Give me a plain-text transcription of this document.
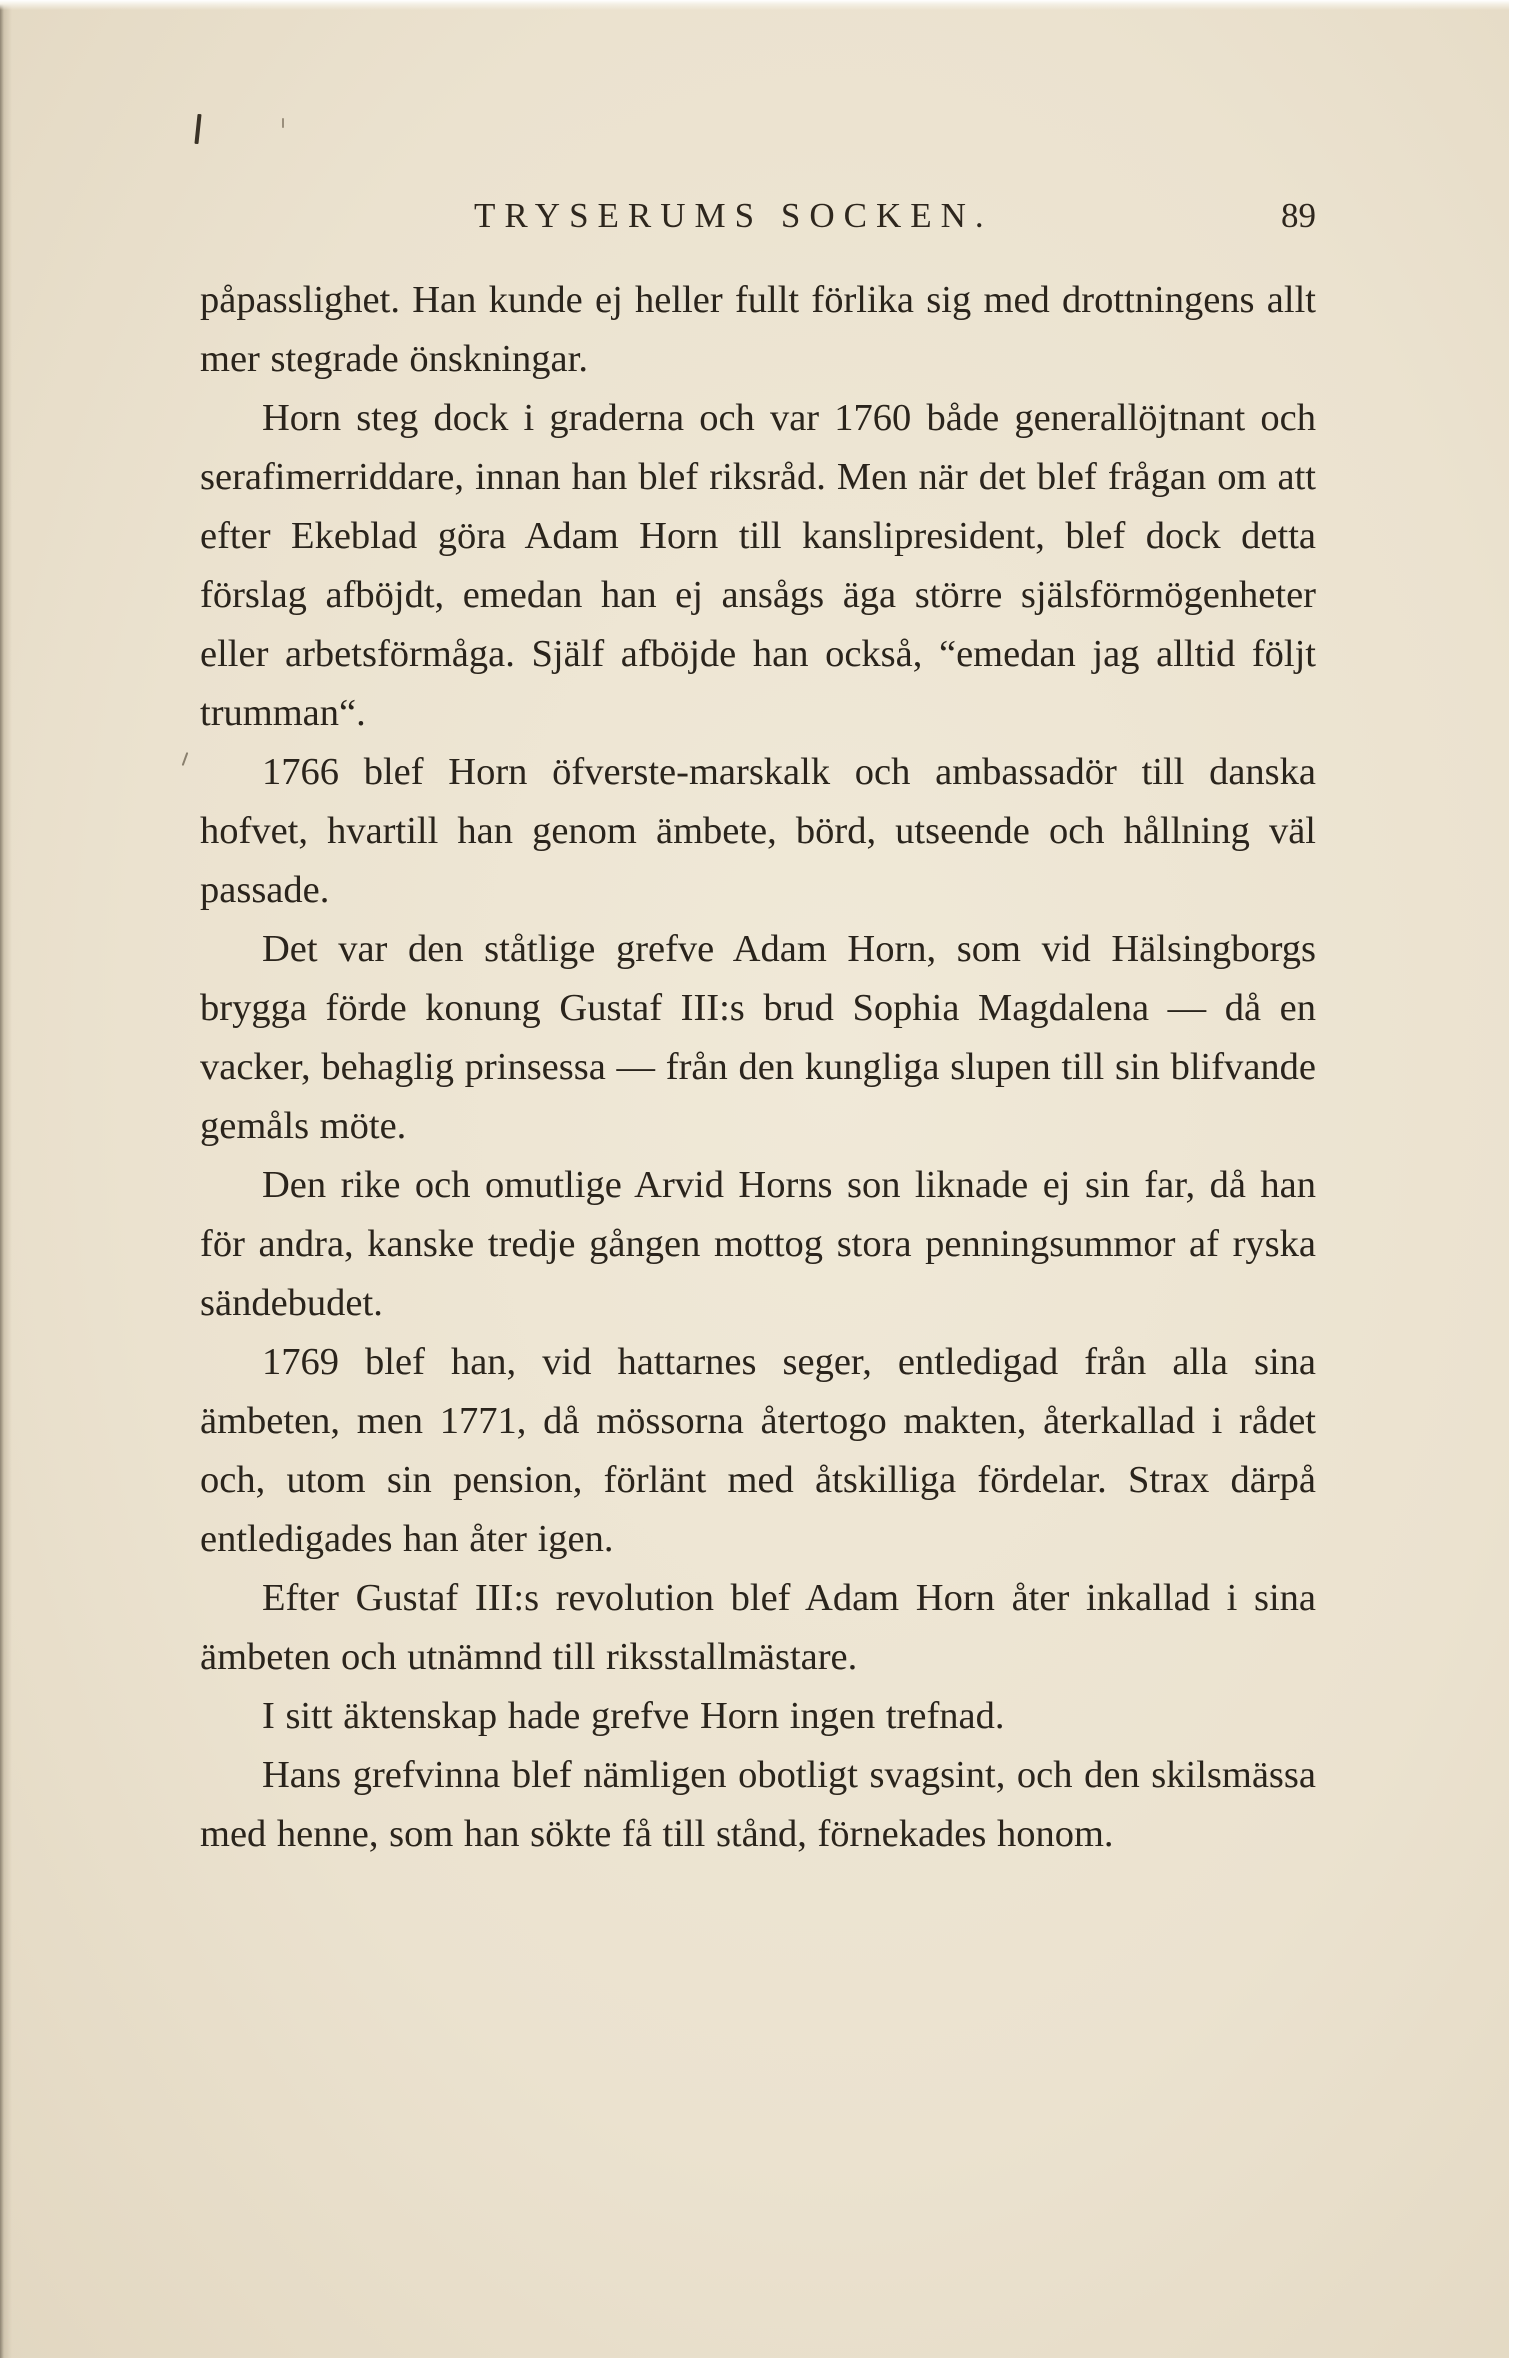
TRYSERUMS SOCKEN.	89

påpasslighet. Han kunde ej heller fullt förlika sig med drottningens allt mer stegrade önskningar.

Horn steg dock i graderna och var 1760 både generallöjtnant och serafimerriddare, innan han blef riksråd. Men när det blef frågan om att efter Ekeblad göra Adam Horn till kanslipresident, blef dock detta förslag afböjdt, emedan han ej ansågs äga större själsförmögenheter eller arbetsförmåga. Själf afböjde han också, “emedan jag alltid följt trumman“.

1766 blef Horn öfverste-marskalk och ambassadör till danska hofvet, hvartill han genom ämbete, börd, utseende och hållning väl passade.

Det var den ståtlige grefve Adam Horn, som vid Hälsingborgs brygga förde konung Gustaf III:s brud Sophia Magdalena — då en vacker, behaglig prinsessa — från den kungliga slupen till sin blifvande gemåls möte.

Den rike och omutlige Arvid Horns son liknade ej sin far, då han för andra, kanske tredje gången mottog stora penningsummor af ryska sändebudet.

1769 blef han, vid hattarnes seger, entledigad från alla sina ämbeten, men 1771, då mössorna återtogo makten, återkallad i rådet och, utom sin pension, förlänt med åtskilliga fördelar. Strax därpå entledigades han åter igen.

Efter Gustaf III:s revolution blef Adam Horn åter inkallad i sina ämbeten och utnämnd till riksstallmästare.

I sitt äktenskap hade grefve Horn ingen trefnad.

Hans grefvinna blef nämligen obotligt svagsint, och den skilsmässa med henne, som han sökte få till stånd, förnekades honom.
